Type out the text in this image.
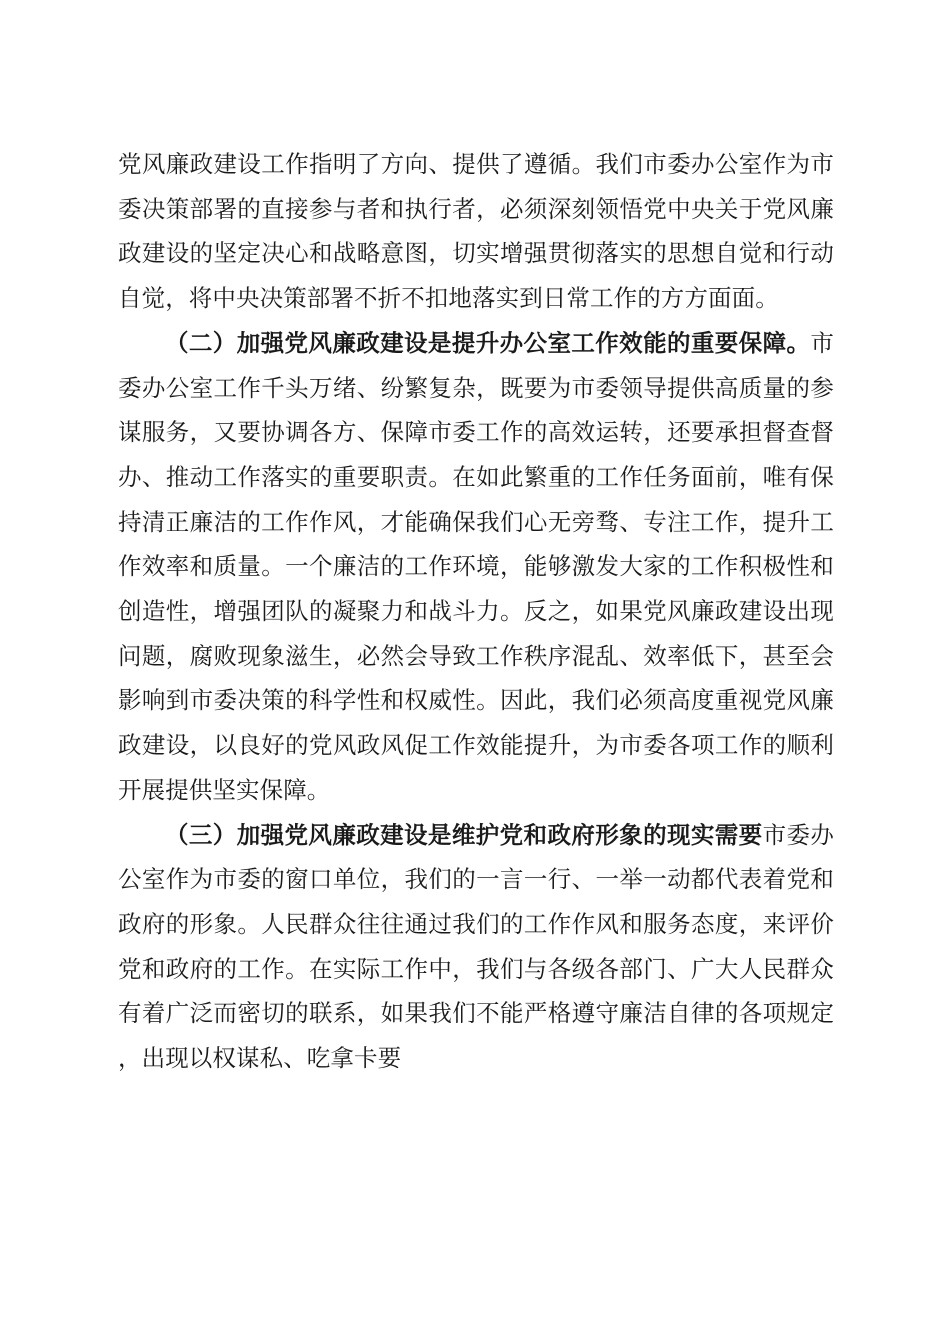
党风廉政建设工作指明了方向、提供了遵循。我们市委办公室作为市委决策部署的直接参与者和执行者，必须深刻领悟党中央关于党风廉政建设的坚定决心和战略意图，切实增强贯彻落实的思想自觉和行动自觉，将中央决策部署不折不扣地落实到日常工作的方方面面。

（二）加强党风廉政建设是提升办公室工作效能的重要保障。市委办公室工作千头万绪、纷繁复杂，既要为市委领导提供高质量的参谋服务，又要协调各方、保障市委工作的高效运转，还要承担督查督办、推动工作落实的重要职责。在如此繁重的工作任务面前，唯有保持清正廉洁的工作作风，才能确保我们心无旁骛、专注工作，提升工作效率和质量。一个廉洁的工作环境，能够激发大家的工作积极性和创造性，增强团队的凝聚力和战斗力。反之，如果党风廉政建设出现问题，腐败现象滋生，必然会导致工作秩序混乱、效率低下，甚至会影响到市委决策的科学性和权威性。因此，我们必须高度重视党风廉政建设，以良好的党风政风促工作效能提升，为市委各项工作的顺利开展提供坚实保障。

（三）加强党风廉政建设是维护党和政府形象的现实需要市委办公室作为市委的窗口单位，我们的一言一行、一举一动都代表着党和政府的形象。人民群众往往通过我们的工作作风和服务态度，来评价党和政府的工作。在实际工作中，我们与各级各部门、广大人民群众有着广泛而密切的联系，如果我们不能严格遵守廉洁自律的各项规定，出现以权谋私、吃拿卡要
